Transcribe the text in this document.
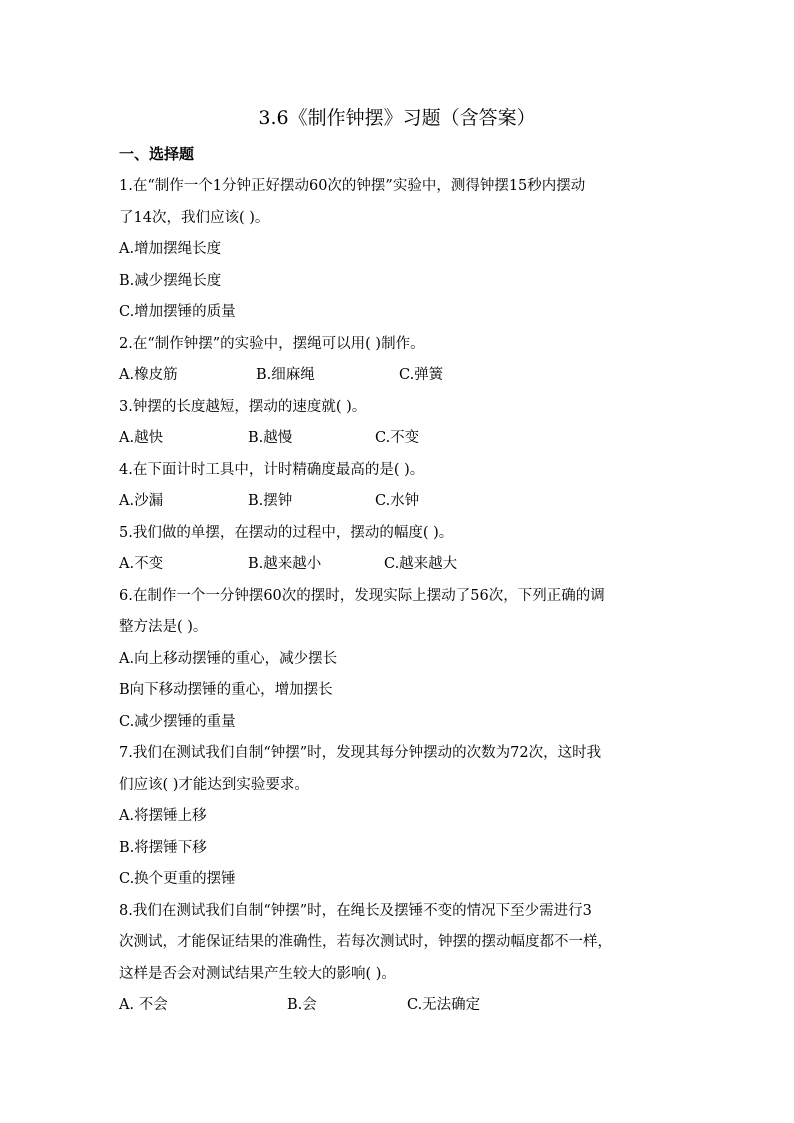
3.6《制作钟摆》习题（含答案）
一、选择题
1.在“制作一个1分钟正好摆动60次的钟摆”实验中，测得钟摆15秒内摆动
了14次，我们应该( )。
A.增加摆绳长度
B.减少摆绳长度
C.增加摆锤的质量
2.在“制作钟摆”的实验中，摆绳可以用( )制作。
A.橡皮筋	B.细麻绳	C.弹簧
3.钟摆的长度越短，摆动的速度就( )。
A.越快	B.越慢	C.不变
4.在下面计时工具中，计时精确度最高的是( )。
A.沙漏	B.摆钟	C.水钟
5.我们做的单摆，在摆动的过程中，摆动的幅度( )。
A.不变	B.越来越小	C.越来越大
6.在制作一个一分钟摆60次的摆时，发现实际上摆动了56次，下列正确的调
整方法是( )。
A.向上移动摆锤的重心，减少摆长
B向下移动摆锤的重心，增加摆长
C.减少摆锤的重量
7.我们在测试我们自制“钟摆”时，发现其每分钟摆动的次数为72次，这时我
们应该( )才能达到实验要求。
A.将摆锤上移
B.将摆锤下移
C.换个更重的摆锤
8.我们在测试我们自制“钟摆”时，在绳长及摆锤不变的情况下至少需进行3
次测试，才能保证结果的准确性，若每次测试时，钟摆的摆动幅度都不一样，
这样是否会对测试结果产生较大的影响( )。
A. 不会	B.会	C.无法确定
